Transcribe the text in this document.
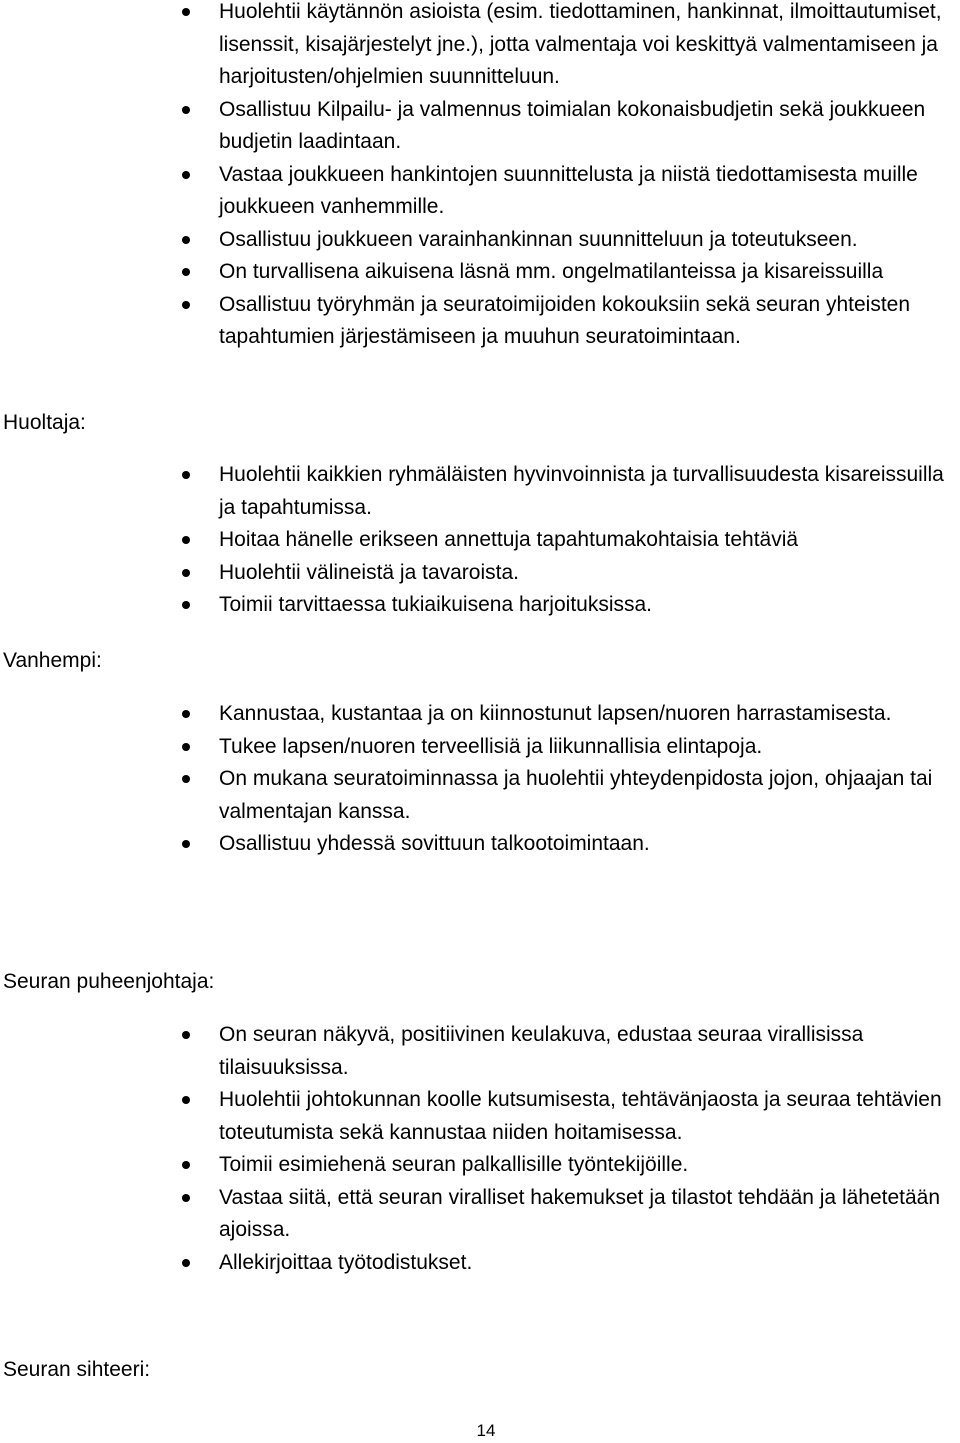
Huolehtii käytännön asioista (esim. tiedottaminen, hankinnat, ilmoittautumiset, lisenssit, kisajärjestelyt jne.), jotta valmentaja voi keskittyä valmentamiseen ja harjoitusten/ohjelmien suunnitteluun.
Osallistuu Kilpailu- ja valmennus toimialan kokonaisbudjetin sekä joukkueen budjetin laadintaan.
Vastaa joukkueen hankintojen suunnittelusta ja niistä tiedottamisesta muille joukkueen vanhemmille.
Osallistuu joukkueen varainhankinnan suunnitteluun ja toteutukseen.
On turvallisena aikuisena läsnä mm. ongelmatilanteissa ja kisareissuilla
Osallistuu työryhmän ja seuratoimijoiden kokouksiin sekä seuran yhteisten tapahtumien järjestämiseen ja muuhun seuratoimintaan.
Huoltaja:
Huolehtii kaikkien ryhmäläisten hyvinvoinnista ja turvallisuudesta kisareissuilla ja tapahtumissa.
Hoitaa hänelle erikseen annettuja tapahtumakohtaisia tehtäviä
Huolehtii välineistä ja tavaroista.
Toimii tarvittaessa tukiaikuisena harjoituksissa.
Vanhempi:
Kannustaa, kustantaa ja on kiinnostunut lapsen/nuoren harrastamisesta.
Tukee lapsen/nuoren terveellisiä ja liikunnallisia elintapoja.
On mukana seuratoiminnassa ja huolehtii yhteydenpidosta jojon, ohjaajan tai valmentajan kanssa.
Osallistuu yhdessä sovittuun talkootoimintaan.
Seuran puheenjohtaja:
On seuran näkyvä, positiivinen keulakuva, edustaa seuraa virallisissa tilaisuuksissa.
Huolehtii johtokunnan koolle kutsumisesta, tehtävänjaosta ja seuraa tehtävien toteutumista sekä kannustaa niiden hoitamisessa.
Toimii esimiehenä seuran palkallisille työntekijöille.
Vastaa siitä, että seuran viralliset hakemukset ja tilastot tehdään ja lähetetään ajoissa.
Allekirjoittaa työtodistukset.
Seuran sihteeri:
14
